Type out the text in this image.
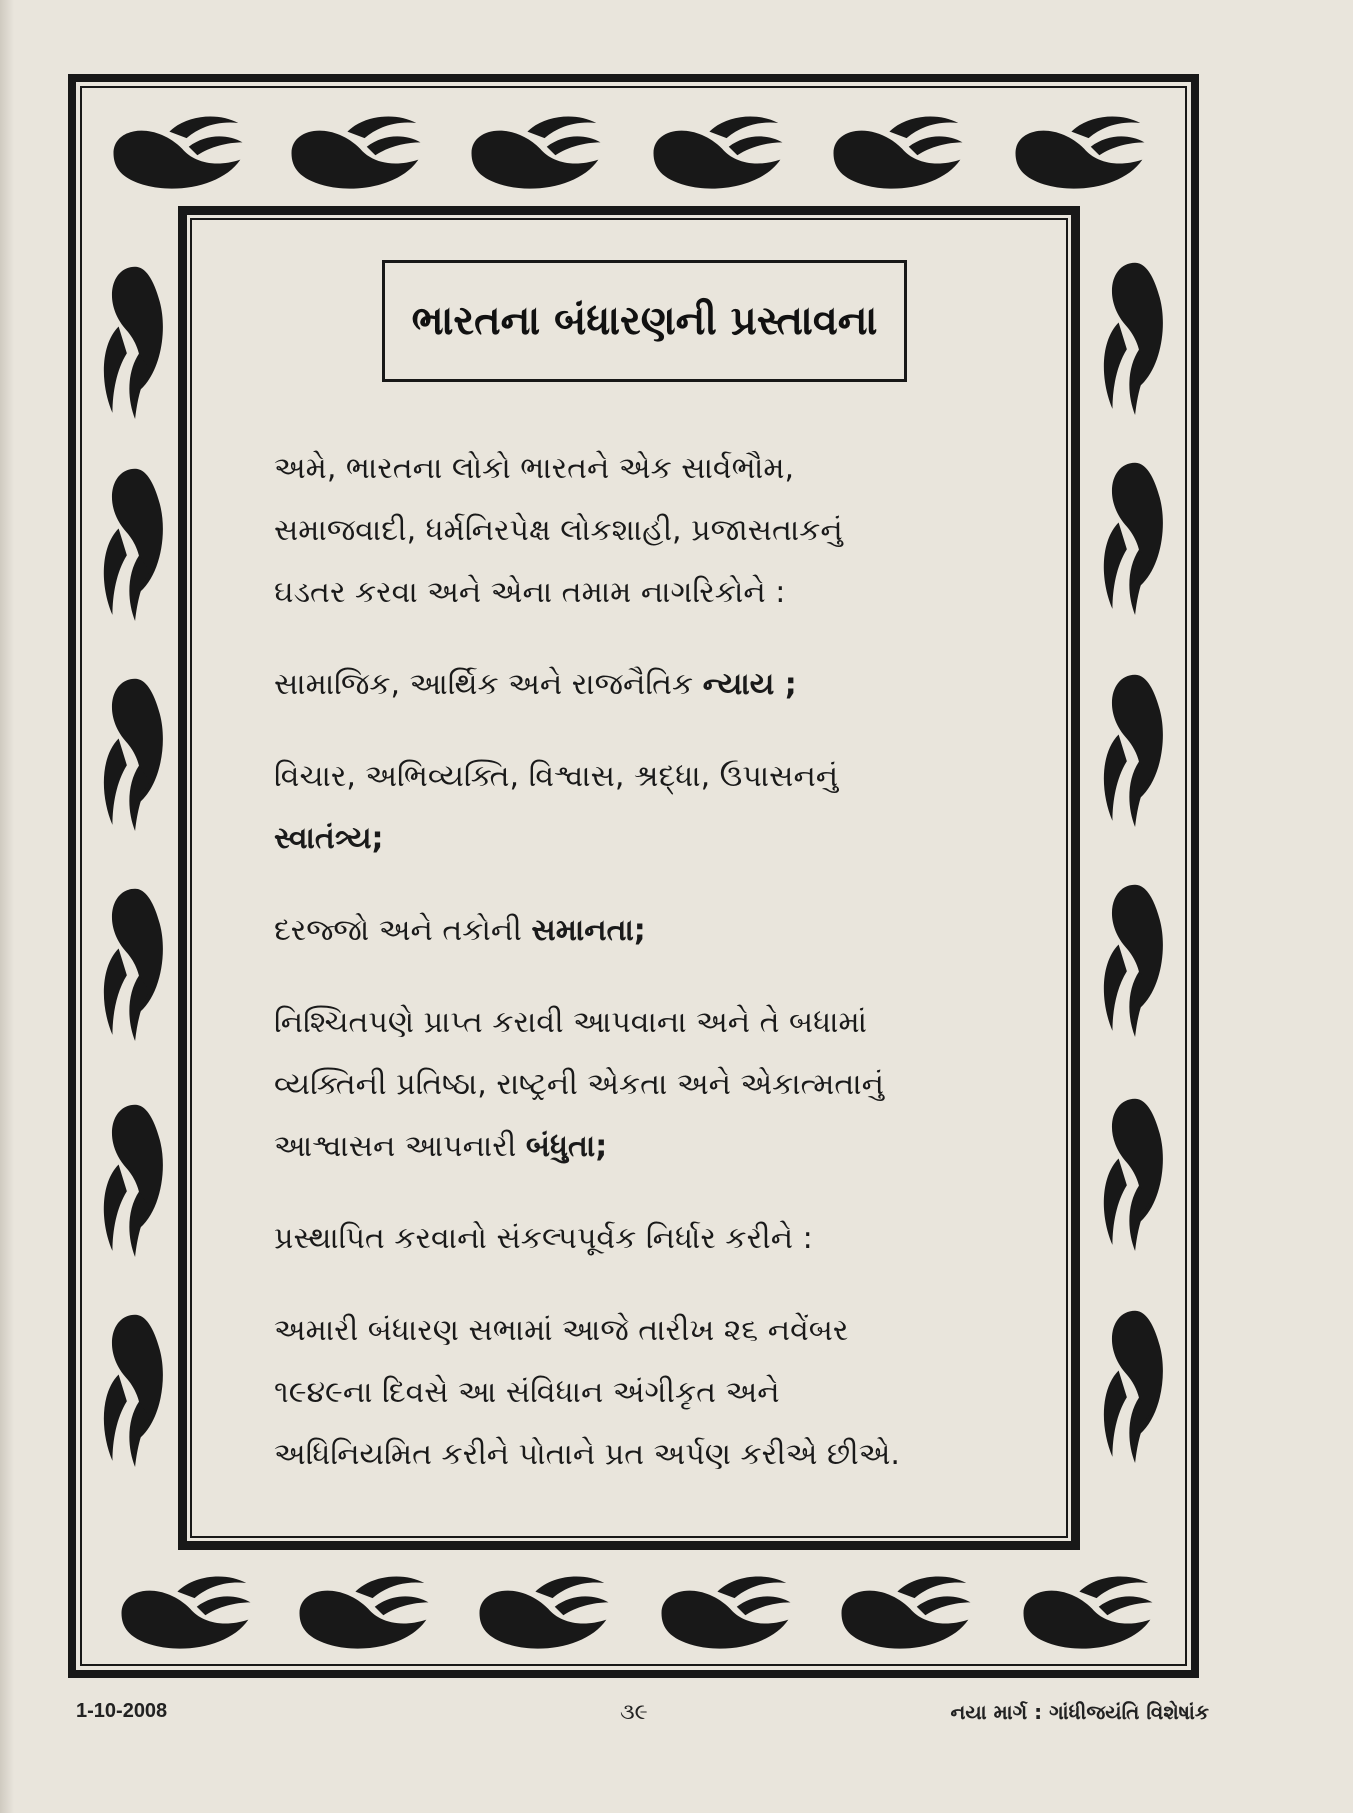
ભારતના બંધારણની પ્રસ્તાવના
અમે, ભારતના લોકો ભારતને એક સાર્વભૌમ,
સમાજવાદી, ધર્મનિરપેક્ષ લોકશાહી, પ્રજાસતાકનું
ઘડતર કરવા અને એના તમામ નાગરિકોને :
સામાજિક, આર્થિક અને રાજનૈતિક ન્યાય ;
વિચાર, અભિવ્યક્તિ, વિશ્વાસ, શ્રદ્ધા, ઉપાસનનું
સ્વાતંત્ર્ય;
દરજ્જો અને તકોની સમાનતા;
નિશ્ચિતપણે પ્રાપ્ત કરાવી આપવાના અને તે બધામાં
વ્યક્તિની પ્રતિષ્ઠા, રાષ્ટ્રની એકતા અને એકાત્મતાનું
આશ્વાસન આપનારી બંધુતા;
પ્રસ્થાપિત કરવાનો સંકલ્પપૂર્વક નિર્ધાર કરીને :
અમારી બંધારણ સભામાં આજે તારીખ ૨૬ નવેંબર
૧૯૪૯ના દિવસે આ સંવિધાન અંગીકૃત અને
અધિનિયમિત કરીને પોતાને પ્રત અર્પણ કરીએ છીએ.
1-10-2008	૩૯	નયા માર્ગ : ગાંધીજયંતિ વિશેષાંક
